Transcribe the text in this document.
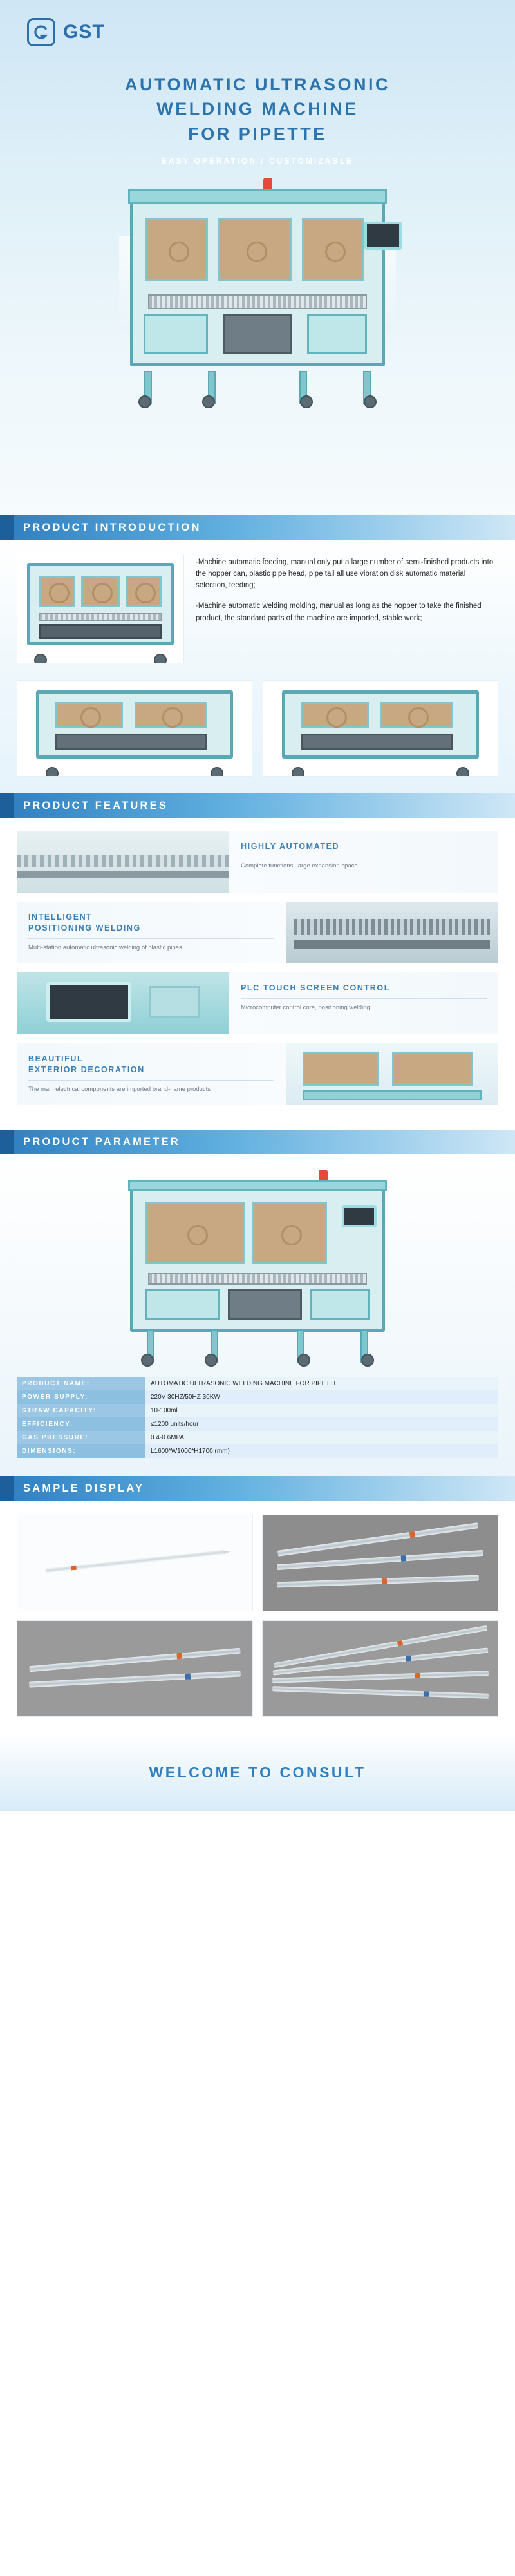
GST
AUTOMATIC ULTRASONIC
WELDING MACHINE
FOR PIPETTE
EASY OPERATION / CUSTOMIZABLE
PRODUCT INTRODUCTION

·Machine automatic feeding, manual only put a large number of semi-finished products into the hopper can, plastic pipe head, pipe tail all use vibration disk automatic material selection, feeding;

·Machine automatic welding molding, manual as long as the hopper to take the finished product, the standard parts of the machine are imported, stable work;

PRODUCT FEATURES
HIGHLY AUTOMATED

Complete functions, large expansion space

INTELLIGENT
POSITIONING WELDING

Multi-station automatic ultrasonic welding of plastic pipes

PLC TOUCH SCREEN CONTROL

Microcomputer control core, positioning welding

BEAUTIFUL
EXTERIOR DECORATION

The main electrical components are imported brand-name products

PRODUCT PARAMETER
PRODUCT NAME:	AUTOMATIC ULTRASONIC WELDING MACHINE FOR PIPETTE
POWER SUPPLY:	220V 30HZ/50HZ 30KW
STRAW CAPACITY:	10-100ml
EFFICIENCY:	≤1200 units/hour
GAS PRESSURE:	0.4-0.6MPA
DIMENSIONS:	L1600*W1000*H1700 (mm)
SAMPLE DISPLAY
WELCOME TO CONSULT
